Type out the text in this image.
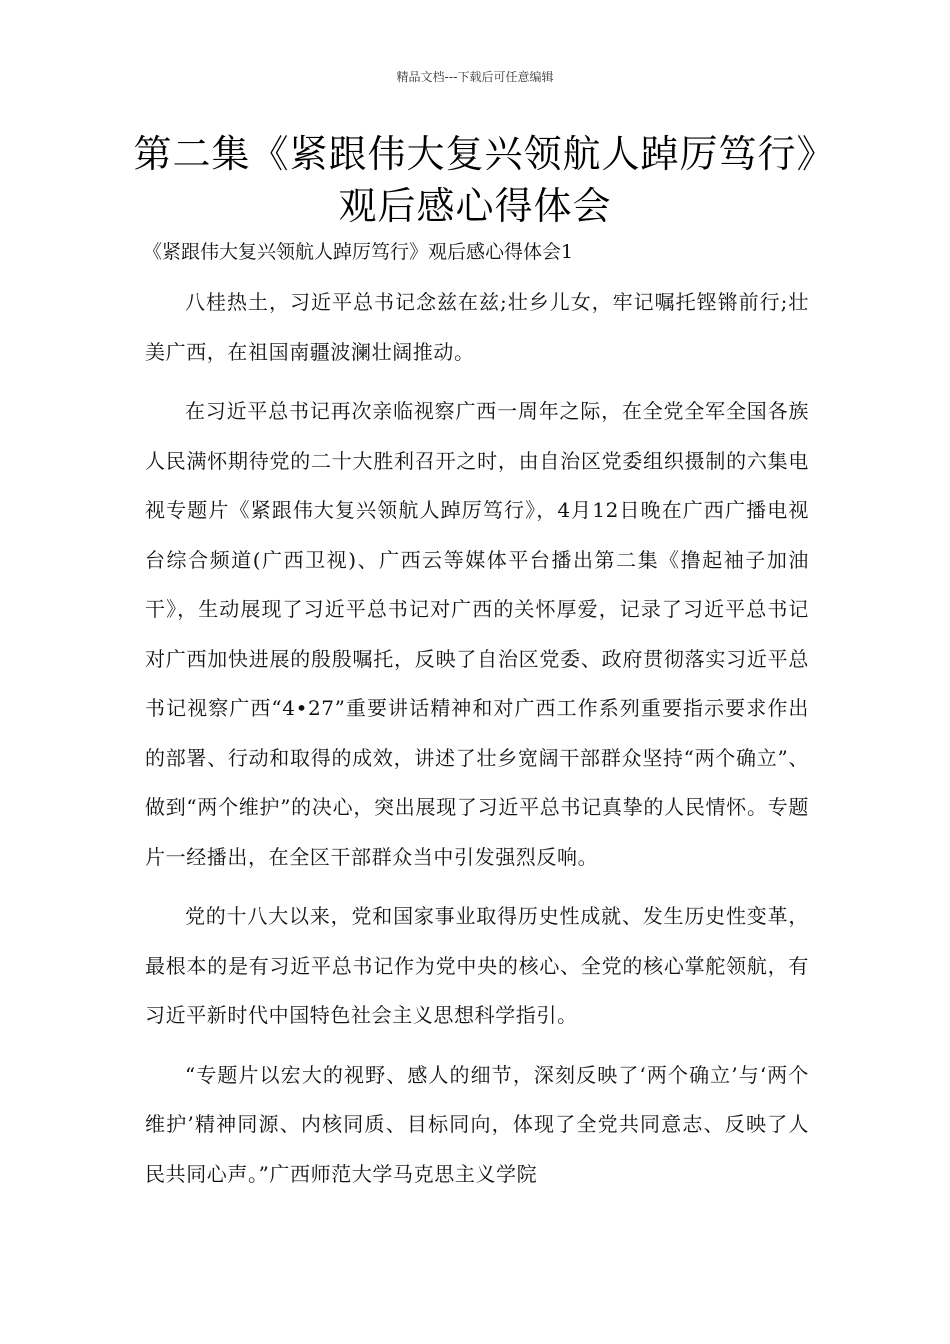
精品文档---下载后可任意编辑
第二集《紧跟伟大复兴领航人踔厉笃行》观后感心得体会
《紧跟伟大复兴领航人踔厉笃行》观后感心得体会1

八桂热土，习近平总书记念兹在兹;壮乡儿女，牢记嘱托铿锵前行;壮美广西，在祖国南疆波澜壮阔推动。

在习近平总书记再次亲临视察广西一周年之际，在全党全军全国各族人民满怀期待党的二十大胜利召开之时，由自治区党委组织摄制的六集电视专题片《紧跟伟大复兴领航人踔厉笃行》，4月12日晚在广西广播电视台综合频道(广西卫视)、广西云等媒体平台播出第二集《撸起袖子加油干》，生动展现了习近平总书记对广西的关怀厚爱，记录了习近平总书记对广西加快进展的殷殷嘱托，反映了自治区党委、政府贯彻落实习近平总书记视察广西“4•27”重要讲话精神和对广西工作系列重要指示要求作出的部署、行动和取得的成效，讲述了壮乡宽阔干部群众坚持“两个确立”、做到“两个维护”的决心，突出展现了习近平总书记真挚的人民情怀。专题片一经播出，在全区干部群众当中引发强烈反响。

党的十八大以来，党和国家事业取得历史性成就、发生历史性变革，最根本的是有习近平总书记作为党中央的核心、全党的核心掌舵领航，有习近平新时代中国特色社会主义思想科学指引。

“专题片以宏大的视野、感人的细节，深刻反映了‘两个确立’与‘两个维护’精神同源、内核同质、目标同向，体现了全党共同意志、反映了人民共同心声。”广西师范大学马克思主义学院
